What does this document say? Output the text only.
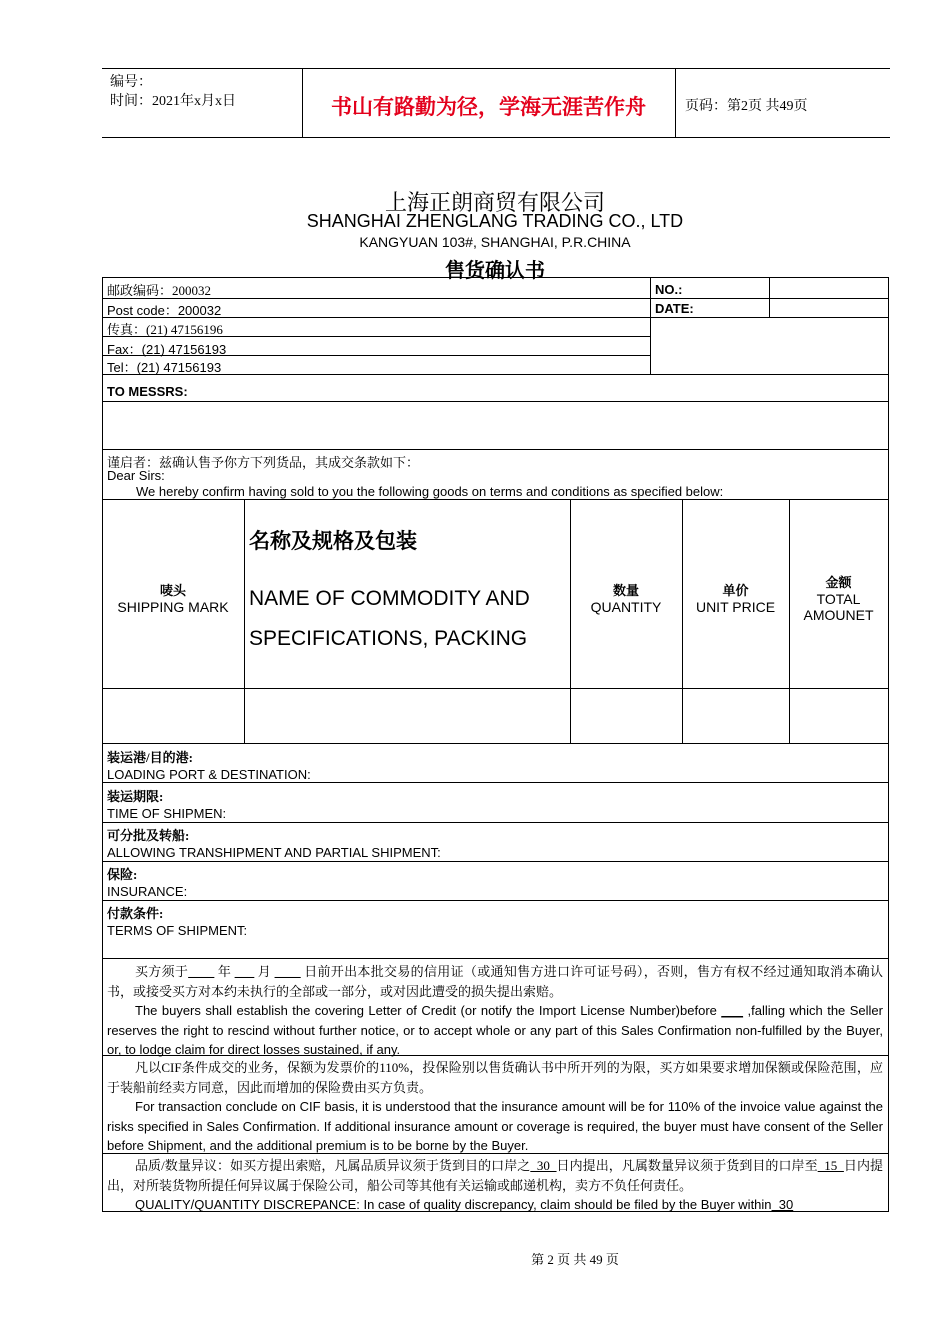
编号：
时间：2021年x月x日	书山有路勤为径，学海无涯苦作舟	页码：第2页 共49页
上海正朗商贸有限公司
SHANGHAI ZHENGLANG TRADING CO., LTD
KANGYUAN 103#, SHANGHAI, P.R.CHINA
售货确认书
邮政编码：200032
Post code：200032
传真：(21) 47156196
Fax：(21) 47156193
Tel：(21) 47156193
NO.:
DATE:
TO MESSRS:
谨启者：兹确认售予你方下列货品，其成交条款如下：
Dear Sirs:
We hereby confirm having sold to you the following goods on terms and conditions as specified below:
唛头
SHIPPING MARK
名称及规格及包装
NAME OF COMMODITY AND
SPECIFICATIONS, PACKING
数量
QUANTITY
单价
UNIT PRICE
金额
TOTAL
AMOUNET
装运港/目的港:
LOADING PORT & DESTINATION:
装运期限:
TIME OF SHIPMEN:
可分批及转船:
ALLOWING TRANSHIPMENT AND PARTIAL SHIPMENT:
保险:
INSURANCE:
付款条件:
TERMS OF SHIPMENT:

买方须于____ 年 ___ 月 ____ 日前开出本批交易的信用证（或通知售方进口许可证号码），否则，售方有权不经过通知取消本确认书，或接受买方对本约未执行的全部或一部分，或对因此遭受的损失提出索赔。

The buyers shall establish the covering Letter of Credit (or notify the Import License Number)before ___ ,falling which the Seller reserves the right to rescind without further notice, or to accept whole or any part of this Sales Confirmation non-fulfilled by the Buyer, or, to lodge claim for direct losses sustained, if any.

凡以CIF条件成交的业务，保额为发票价的110%，投保险别以售货确认书中所开列的为限，买方如果要求增加保额或保险范围，应于装船前经卖方同意，因此而增加的保险费由买方负责。

For transaction conclude on CIF basis, it is understood that the insurance amount will be for 110% of the invoice value against the risks specified in Sales Confirmation. If additional insurance amount or coverage is required, the buyer must have consent of the Seller before Shipment, and the additional premium is to be borne by the Buyer.

品质/数量异议：如买方提出索赔，凡属品质异议须于货到目的口岸之  30  日内提出，凡属数量异议须于货到目的口岸至  15  日内提出，对所装货物所提任何异议属于保险公司，船公司等其他有关运输或邮递机构，卖方不负任何责任。

QUALITY/QUANTITY DISCREPANCE: In case of quality discrepancy, claim should be filed by the Buyer within  30

第 2 页 共 49 页
